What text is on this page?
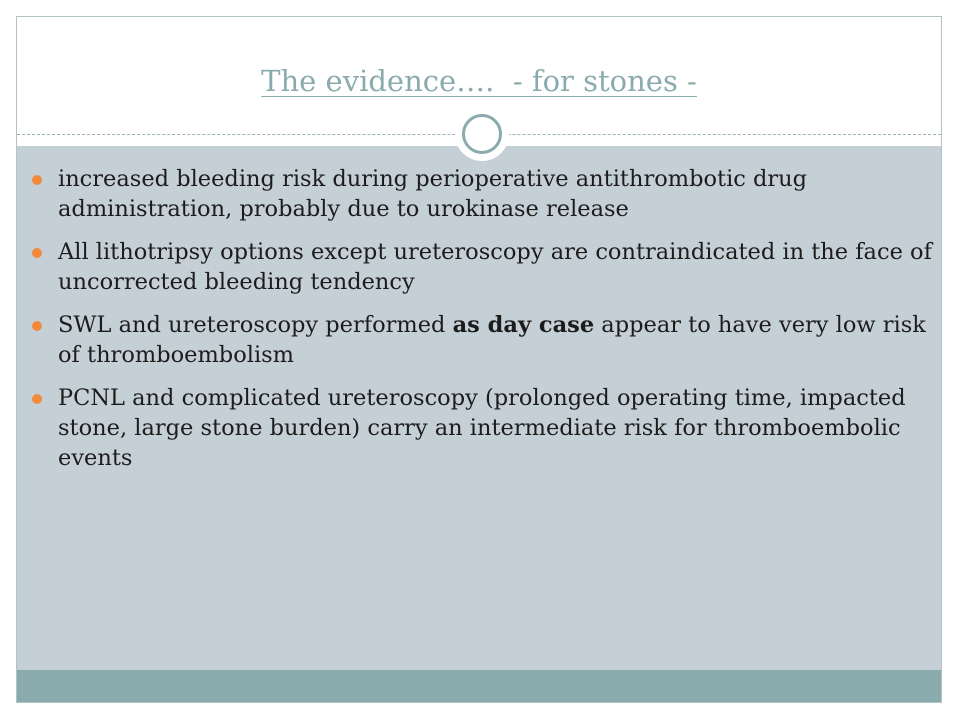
The evidence….  - for stones -
increased bleeding risk during perioperative antithrombotic drug administration, probably due to urokinase release
All lithotripsy options except ureteroscopy are contraindicated in the face of uncorrected bleeding tendency
SWL and ureteroscopy performed as day case appear to have very low risk of thromboembolism
PCNL and complicated ureteroscopy (prolonged operating time, impacted stone, large stone burden) carry an intermediate risk for thromboembolic events
